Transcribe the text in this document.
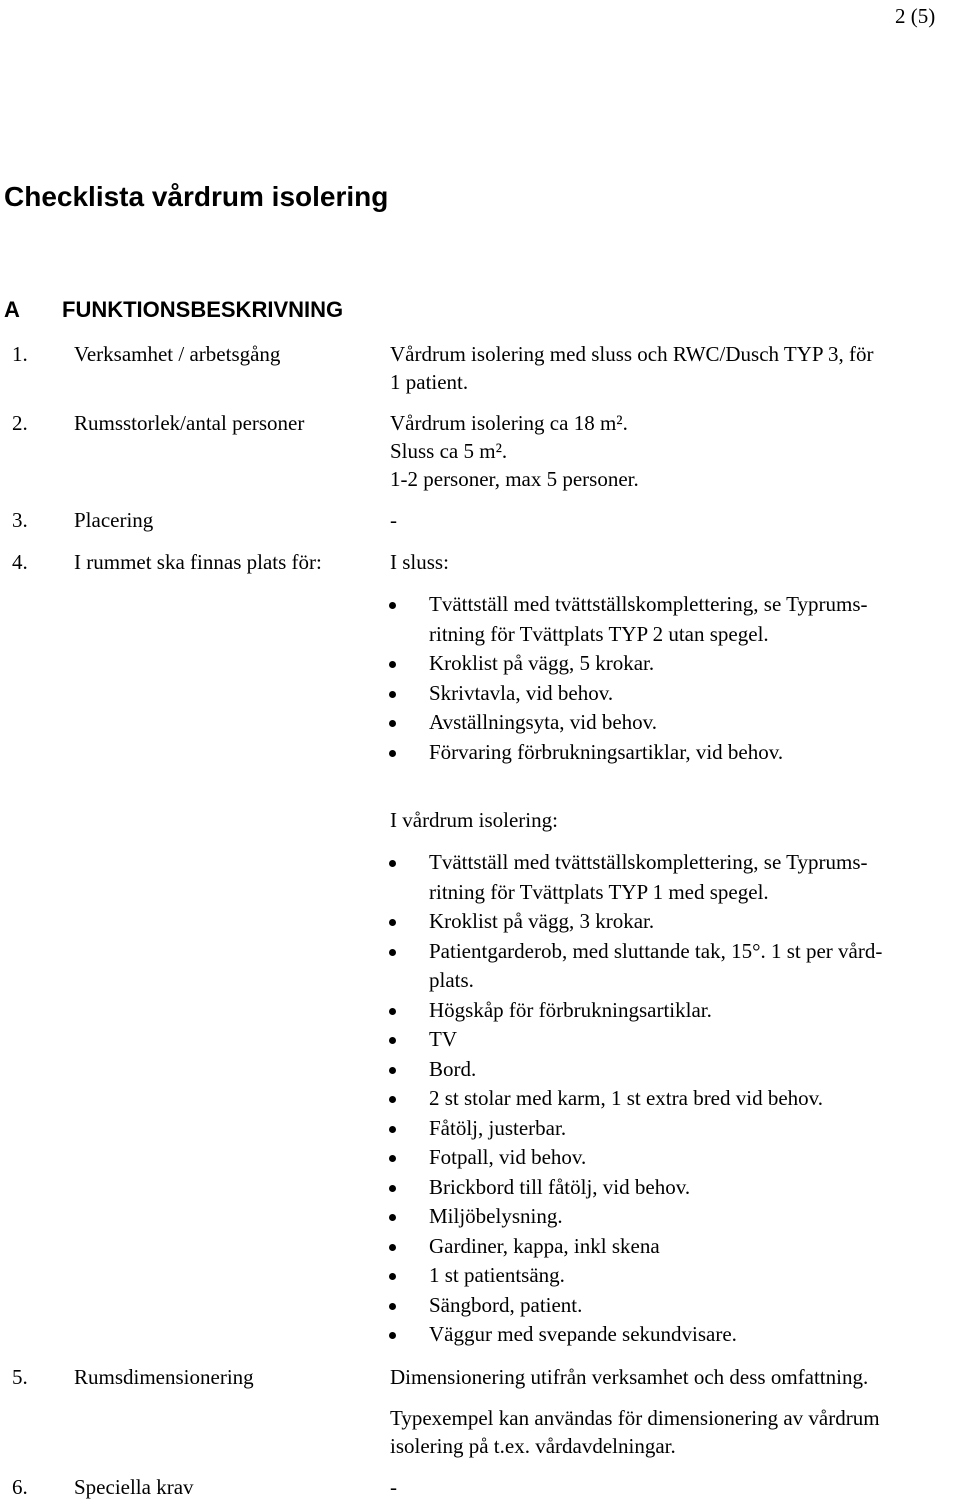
2 (5)
Checklista vårdrum isolering
A FUNKTIONSBESKRIVNING
1. Verksamhet / arbetsgång	Vårdrum isolering med sluss och RWC/Dusch TYP 3, för
1 patient.
2. Rumsstorlek/antal personer	Vårdrum isolering ca 18 m².
Sluss ca 5 m².
1-2 personer, max 5 personer.
3. Placering	-
4. I rummet ska finnas plats för:	I sluss:
Tvättställ med tvättställskomplettering, se Typrums-
ritning för Tvättplats TYP 2 utan spegel.
Kroklist på vägg, 5 krokar.
Skrivtavla, vid behov.
Avställningsyta, vid behov.
Förvaring förbrukningsartiklar, vid behov.
I vårdrum isolering:
Tvättställ med tvättställskomplettering, se Typrums-
ritning för Tvättplats TYP 1 med spegel.
Kroklist på vägg, 3 krokar.
Patientgarderob, med sluttande tak, 15°. 1 st per vård-
plats.
Högskåp för förbrukningsartiklar.
TV
Bord.
2 st stolar med karm, 1 st extra bred vid behov.
Fåtölj, justerbar.
Fotpall, vid behov.
Brickbord till fåtölj, vid behov.
Miljöbelysning.
Gardiner, kappa, inkl skena
1 st patientsäng.
Sängbord, patient.
Väggur med svepande sekundvisare.
5. Rumsdimensionering	Dimensionering utifrån verksamhet och dess omfattning.
Typexempel kan användas för dimensionering av vårdrum
isolering på t.ex. vårdavdelningar.
6. Speciella krav	-
